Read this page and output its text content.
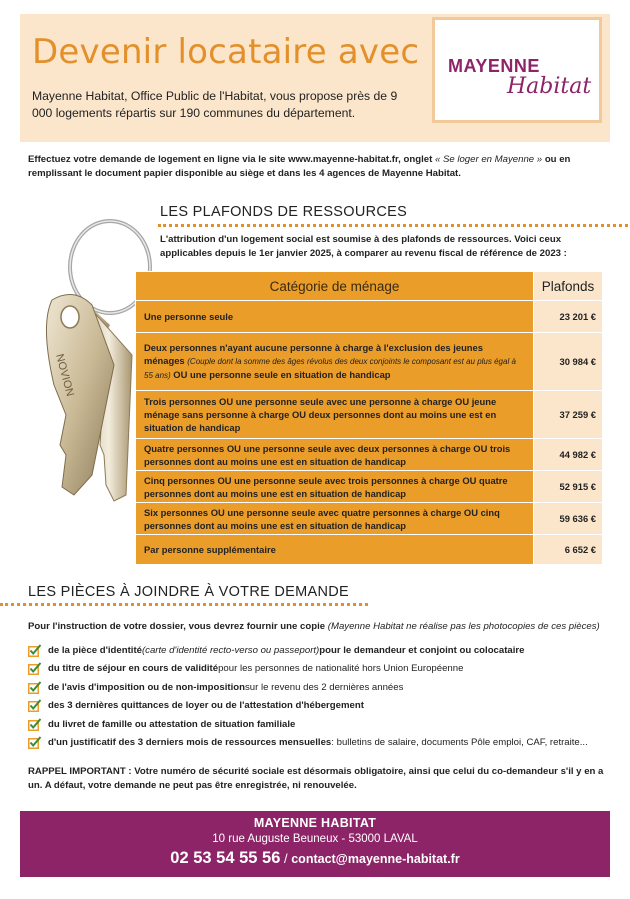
Devenir locataire avec
Mayenne Habitat, Office Public de l'Habitat, vous propose près de 9 000 logements répartis sur 190 communes du département.
MAYENNE
Habitat
Effectuez votre demande de logement en ligne via le site www.mayenne-habitat.fr, onglet « Se loger en Mayenne » ou en remplissant le document papier disponible au siège et dans les 4 agences de Mayenne Habitat.
NOVION
LES PLAFONDS DE RESSOURCES
L'attribution d'un logement social est soumise à des plafonds de ressources. Voici ceux applicables depuis le 1er janvier 2025, à comparer au revenu fiscal de référence de 2023 :
Catégorie de ménage	Plafonds
Une personne seule	23 201 €
Deux personnes n'ayant aucune personne à charge à l'exclusion des jeunes ménages (Couple dont la somme des âges révolus des deux conjoints le composant est au plus égal à 55 ans) OU une personne seule en situation de handicap	30 984 €
Trois personnes OU une personne seule avec une personne à charge OU jeune ménage sans personne à charge OU deux personnes dont au moins une est en situation de handicap	37 259 €
Quatre personnes OU une personne seule avec deux personnes à charge OU trois personnes dont au moins une est en situation de handicap	44 982 €
Cinq personnes OU une personne seule avec trois personnes à charge OU quatre personnes dont au moins une est en situation de handicap	52 915 €
Six personnes OU une personne seule avec quatre personnes à charge OU cinq personnes dont au moins une est en situation de handicap	59 636 €
Par personne supplémentaire	6 652 €
LES PIÈCES À JOINDRE À VOTRE DEMANDE
Pour l'instruction de votre dossier, vous devrez fournir une copie (Mayenne Habitat ne réalise pas les photocopies de ces pièces)
de la pièce d'identité (carte d'identité recto-verso ou passeport) pour le demandeur et conjoint ou colocataire
du titre de séjour en cours de validité pour les personnes de nationalité hors Union Européenne
de l'avis d'imposition ou de non-imposition sur le revenu des 2 dernières années
des 3 dernières quittances de loyer ou de l'attestation d'hébergement
du livret de famille ou attestation de situation familiale
d'un justificatif des 3 derniers mois de ressources mensuelles : bulletins de salaire, documents Pôle emploi, CAF, retraite...
RAPPEL IMPORTANT : Votre numéro de sécurité sociale est désormais obligatoire, ainsi que celui du co-demandeur s'il y en a un. A défaut, votre demande ne peut pas être enregistrée, ni renouvelée.
MAYENNE HABITAT
10 rue Auguste Beuneux - 53000 LAVAL
02 53 54 55 56 / contact@mayenne-habitat.fr
